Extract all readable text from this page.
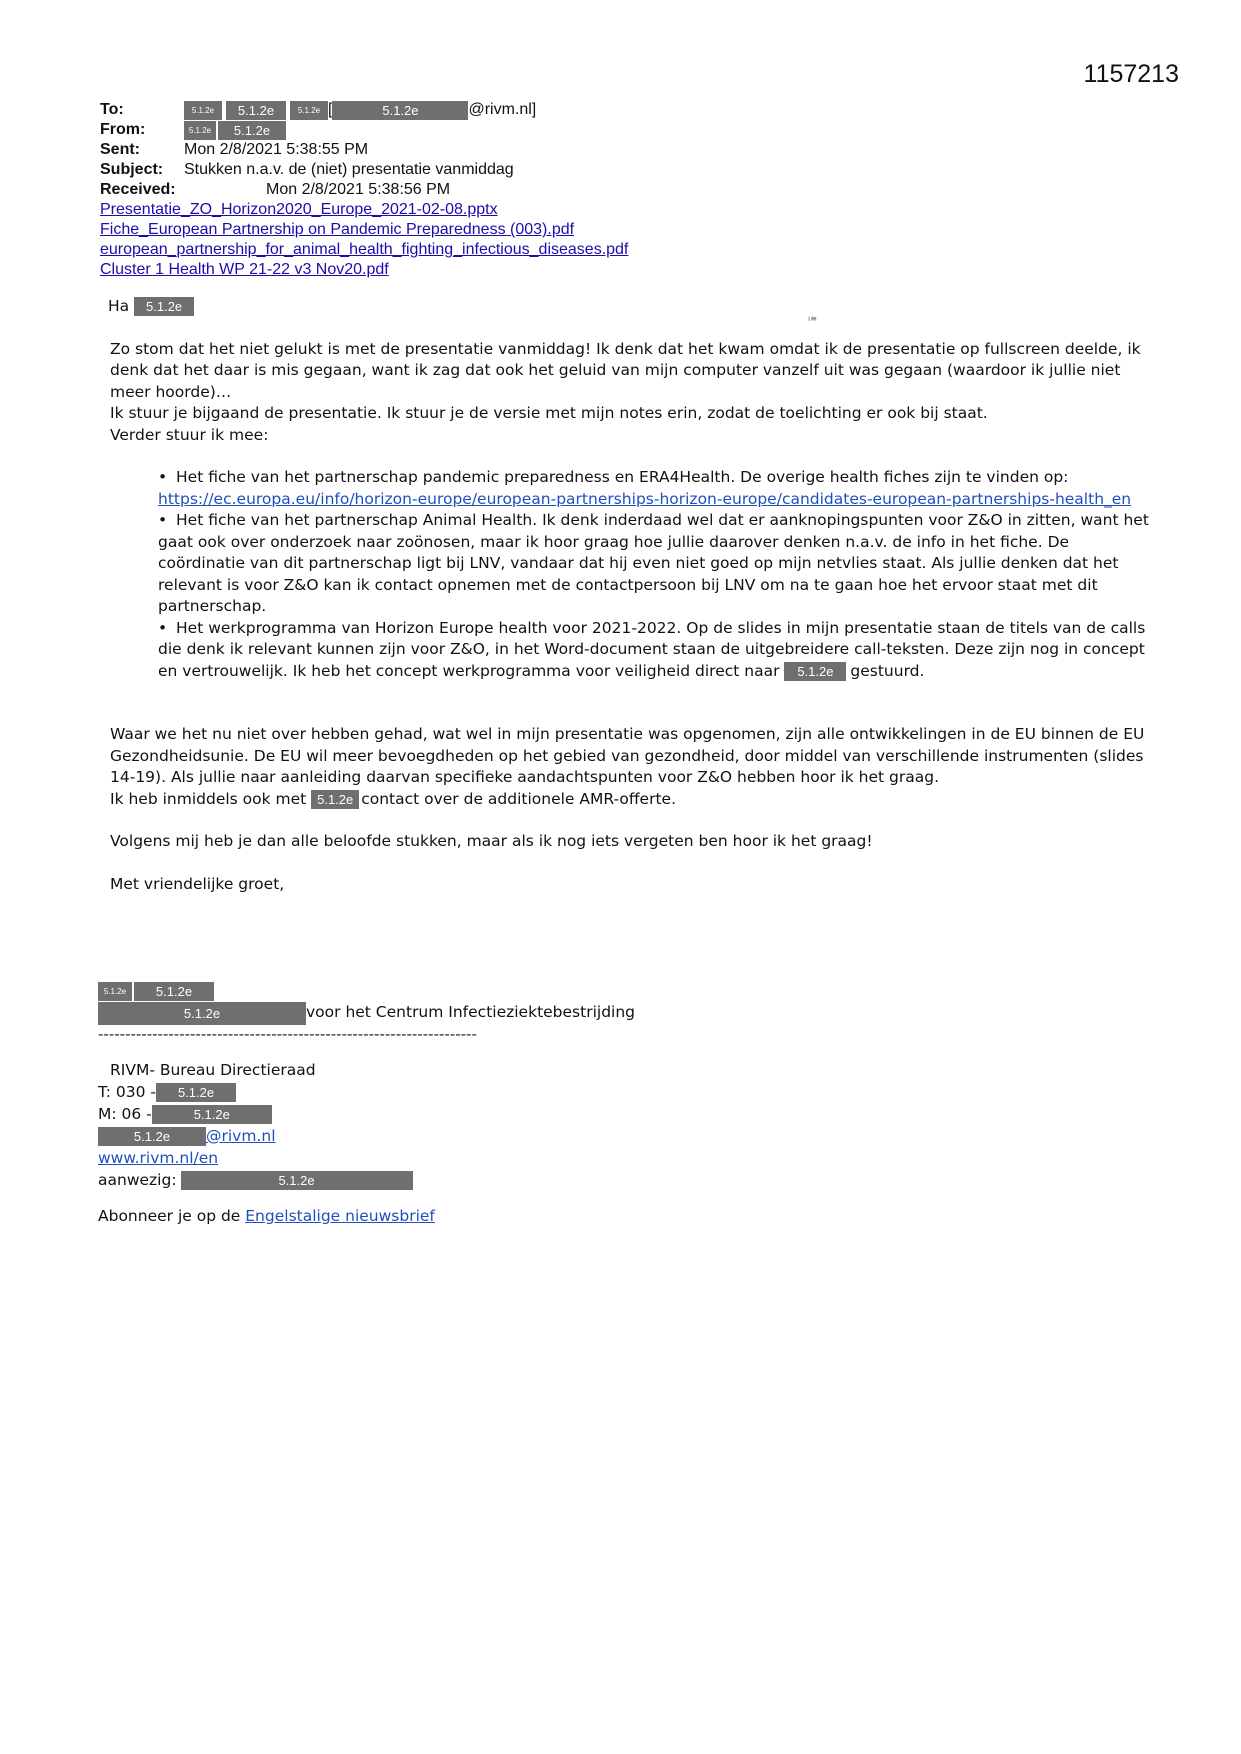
1157213
To:	5.1.2e	5.1.2e	5.1.2e [	5.1.2e	@rivm.nl]
From:	5.1.2e	5.1.2e
Sent:	Mon 2/8/2021 5:38:55 PM
Subject:	Stukken n.a.v. de (niet) presentatie vanmiddag
Received:	Mon 2/8/2021 5:38:56 PM
Presentatie_ZO_Horizon2020_Europe_2021-02-08.pptx
Fiche_European Partnership on Pandemic Preparedness (003).pdf
european_partnership_for_animal_health_fighting_infectious_diseases.pdf
Cluster 1 Health WP 21-22 v3 Nov20.pdf
ı≡

Ha 5.1.2e

Zo stom dat het niet gelukt is met de presentatie vanmiddag! Ik denk dat het kwam omdat ik de presentatie op fullscreen deelde, ik denk dat het daar is mis gegaan, want ik zag dat ook het geluid van mijn computer vanzelf uit was gegaan (waardoor ik jullie niet meer hoorde)…

Ik stuur je bijgaand de presentatie. Ik stuur je de versie met mijn notes erin, zodat de toelichting er ook bij staat.

Verder stuur ik mee:

• Het fiche van het partnerschap pandemic preparedness en ERA4Health. De overige health fiches zijn te vinden op: https://ec.europa.eu/info/horizon-europe/european-partnerships-horizon-europe/candidates-european-partnerships-health_en
• Het fiche van het partnerschap Animal Health. Ik denk inderdaad wel dat er aanknopingspunten voor Z&O in zitten, want het gaat ook over onderzoek naar zoönosen, maar ik hoor graag hoe jullie daarover denken n.a.v. de info in het fiche. De coördinatie van dit partnerschap ligt bij LNV, vandaar dat hij even niet goed op mijn netvlies staat. Als jullie denken dat het relevant is voor Z&O kan ik contact opnemen met de contactpersoon bij LNV om na te gaan hoe het ervoor staat met dit partnerschap.
• Het werkprogramma van Horizon Europe health voor 2021-2022. Op de slides in mijn presentatie staan de titels van de calls die denk ik relevant kunnen zijn voor Z&O, in het Word-document staan de uitgebreidere call-teksten. Deze zijn nog in concept en vertrouwelijk. Ik heb het concept werkprogramma voor veiligheid direct naar 5.1.2e gestuurd.

Waar we het nu niet over hebben gehad, wat wel in mijn presentatie was opgenomen, zijn alle ontwikkelingen in de EU binnen de EU Gezondheidsunie. De EU wil meer bevoegdheden op het gebied van gezondheid, door middel van verschillende instrumenten (slides 14-19). Als jullie naar aanleiding daarvan specifieke aandachtspunten voor Z&O hebben hoor ik het graag.

Ik heb inmiddels ook met 5.1.2e contact over de additionele AMR-offerte.

Volgens mij heb je dan alle beloofde stukken, maar als ik nog iets vergeten ben hoor ik het graag!

Met vriendelijke groet,

5.1.2e	5.1.2e
5.1.2e	voor het Centrum Infectieziektebestrijding
----------------------------------------------------------------------
RIVM- Bureau Directieraad
T: 030 -	5.1.2e
M: 06 -	5.1.2e
5.1.2e	@rivm.nl
www.rivm.nl/en
aanwezig:	5.1.2e
Abonneer je op de Engelstalige nieuwsbrief
